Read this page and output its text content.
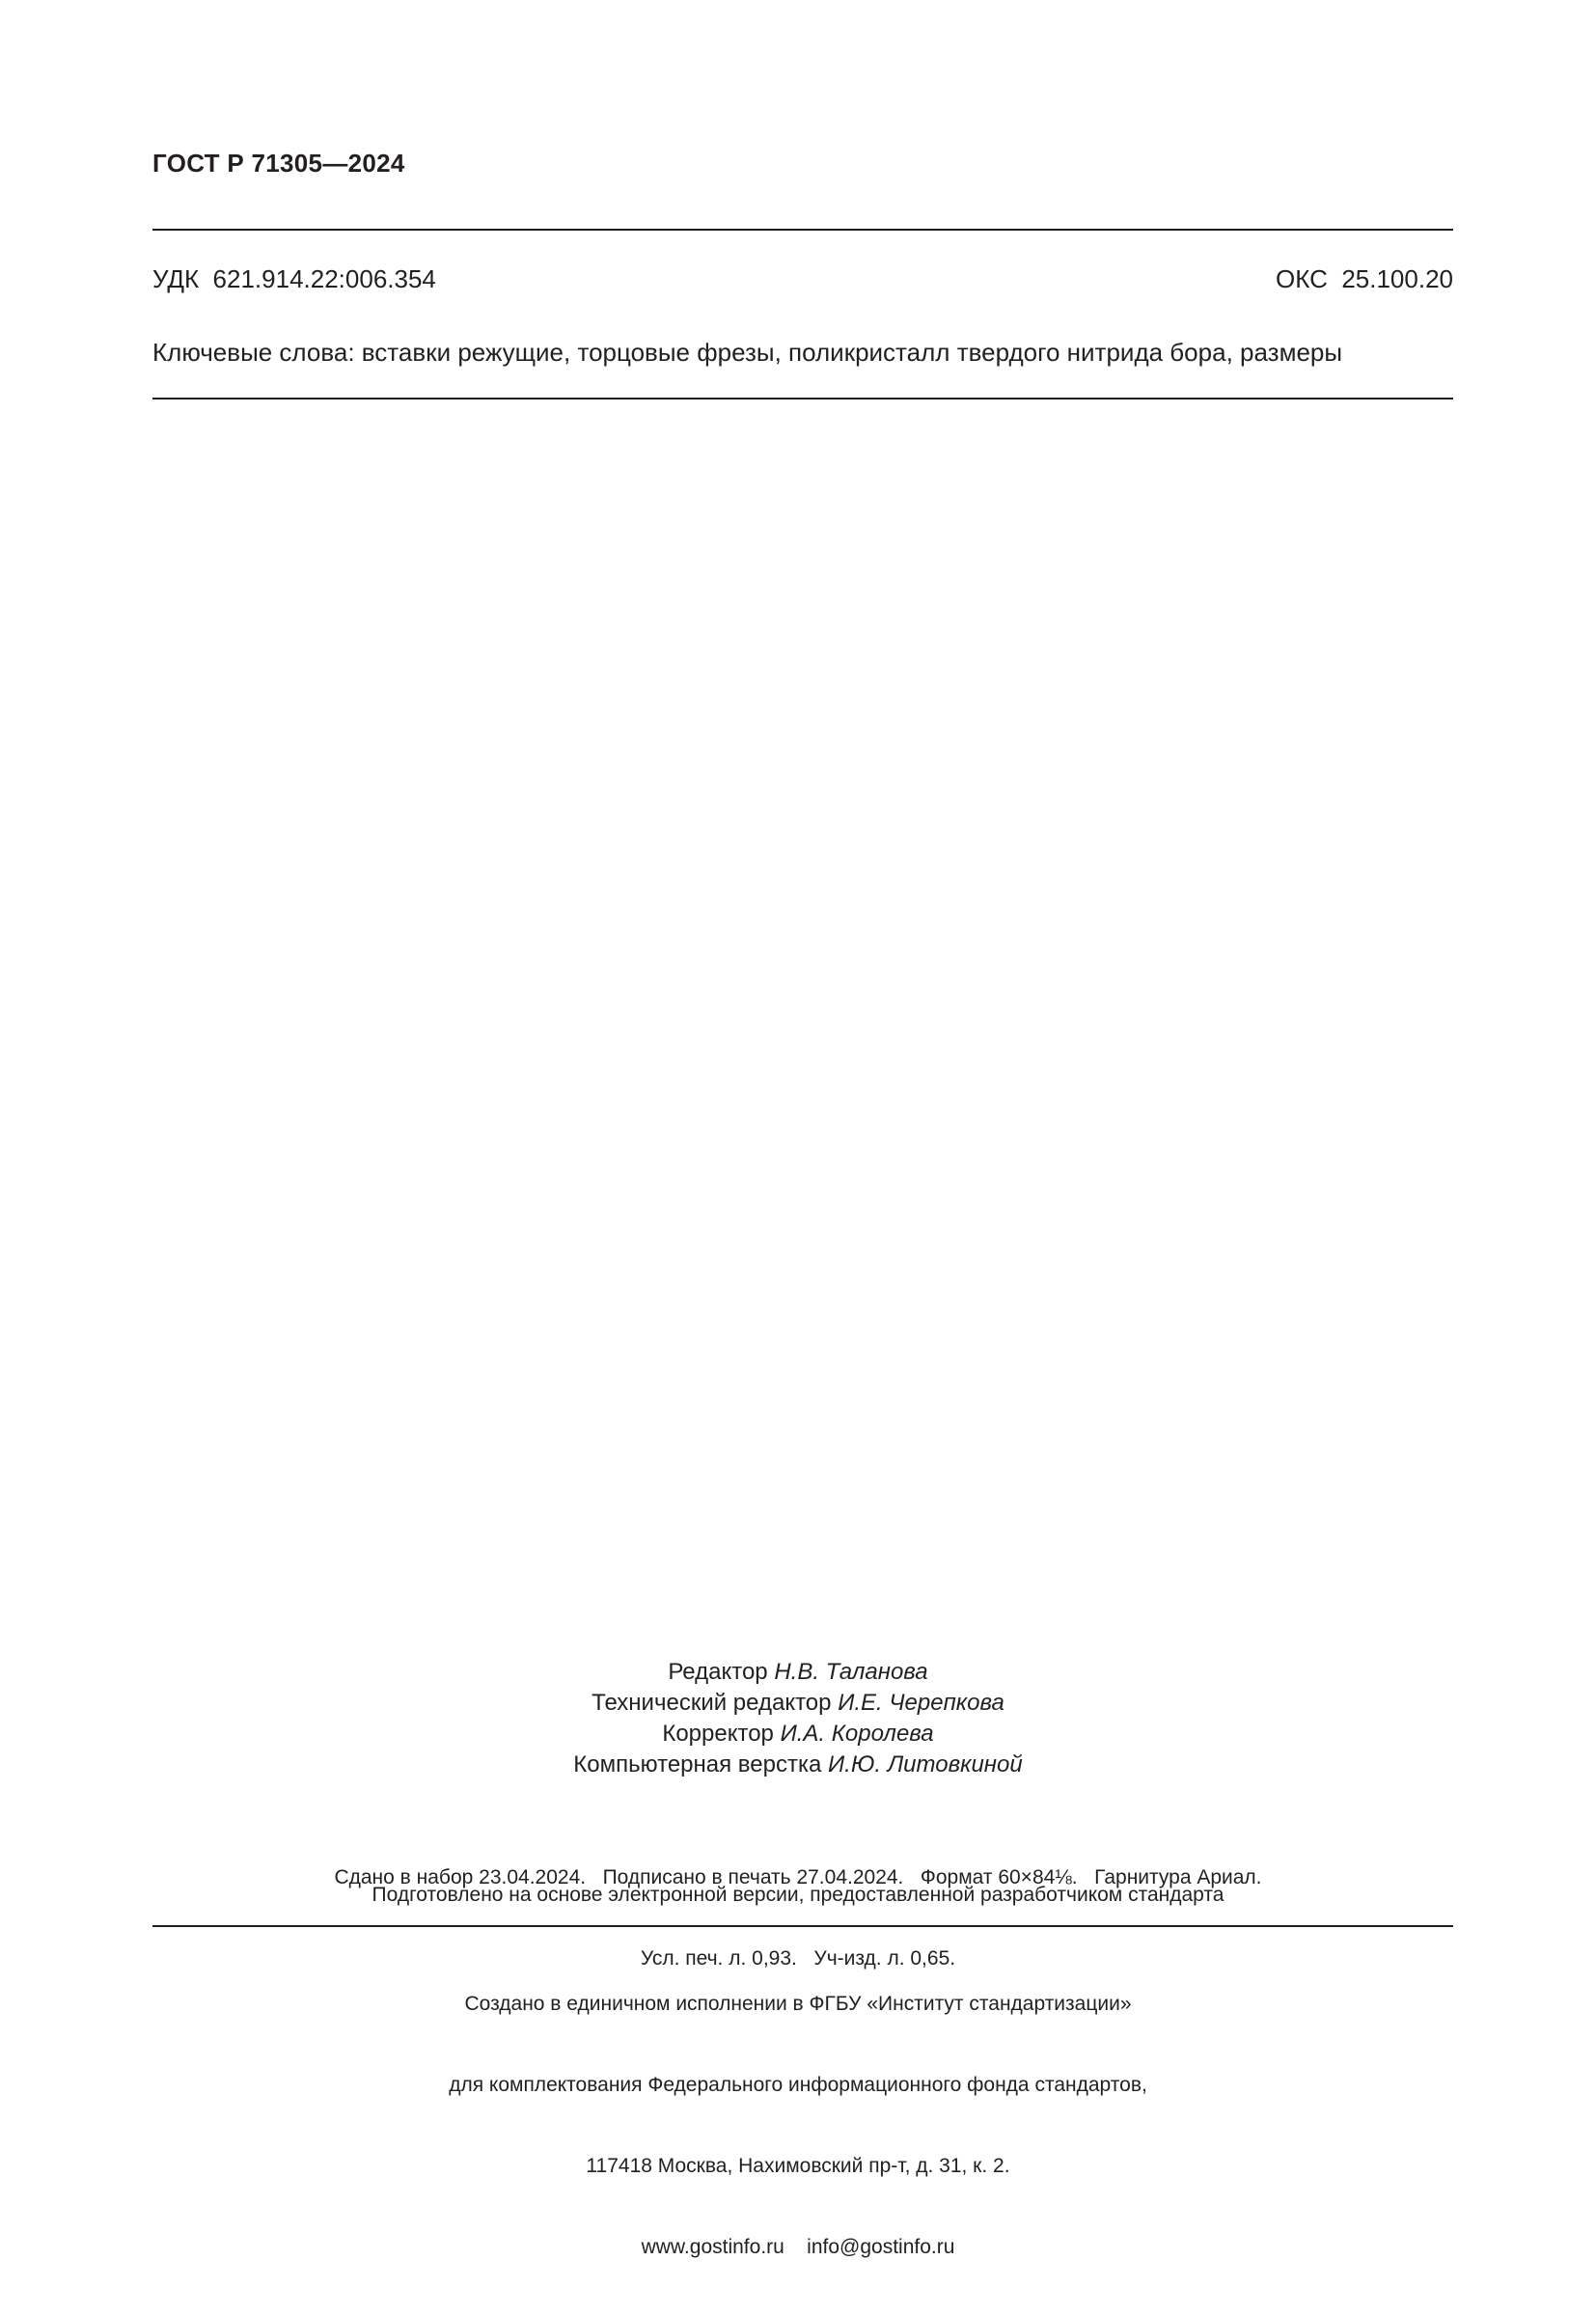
ГОСТ Р 71305—2024
УДК  621.914.22:006.354	ОКС  25.100.20
Ключевые слова: вставки режущие, торцовые фрезы, поликристалл твердого нитрида бора, размеры
Редактор Н.В. Таланова
Технический редактор И.Е. Черепкова
Корректор И.А. Королева
Компьютерная верстка И.Ю. Литовкиной

Сдано в набор 23.04.2024.   Подписано в печать 27.04.2024.   Формат 60×84⅛.   Гарнитура Ариал.

Усл. печ. л. 0,93.   Уч-изд. л. 0,65.

Подготовлено на основе электронной версии, предоставленной разработчиком стандарта

Создано в единичном исполнении в ФГБУ «Институт стандартизации»

для комплектования Федерального информационного фонда стандартов,

117418 Москва, Нахимовский пр-т, д. 31, к. 2.

www.gostinfo.ru    info@gostinfo.ru
